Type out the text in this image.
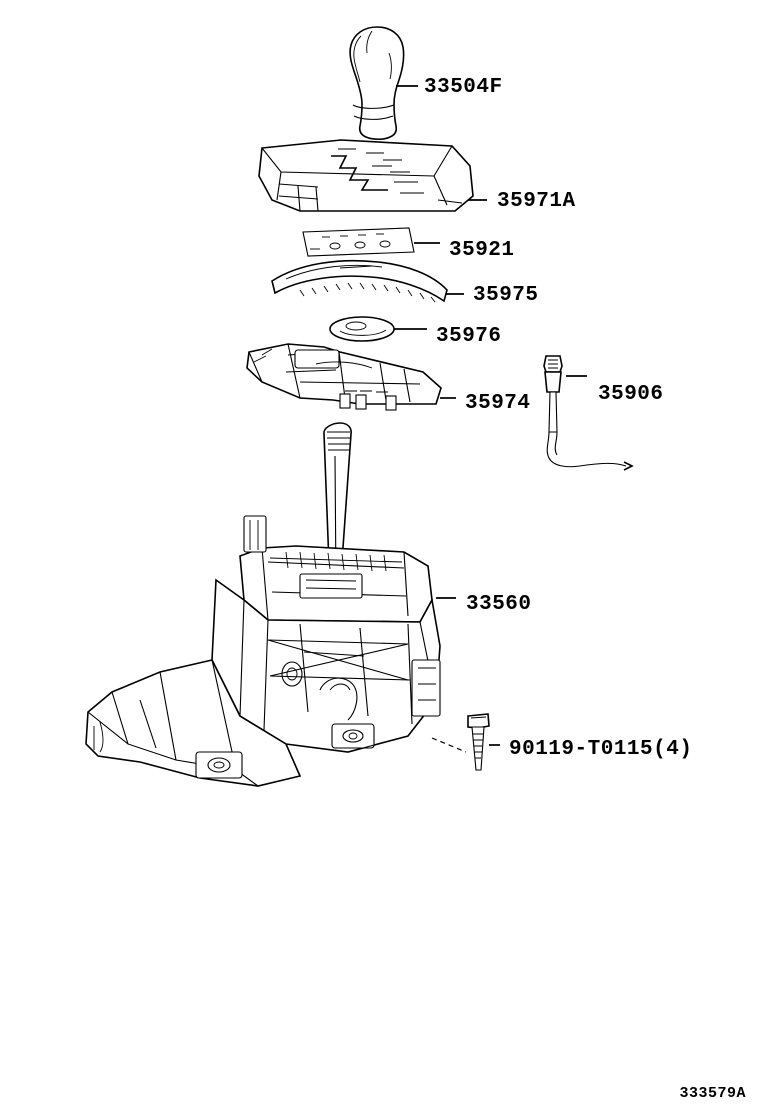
33504F
35971A
35921
35975
35976
35974	35906
33560
90119-T0115(4)
333579A
